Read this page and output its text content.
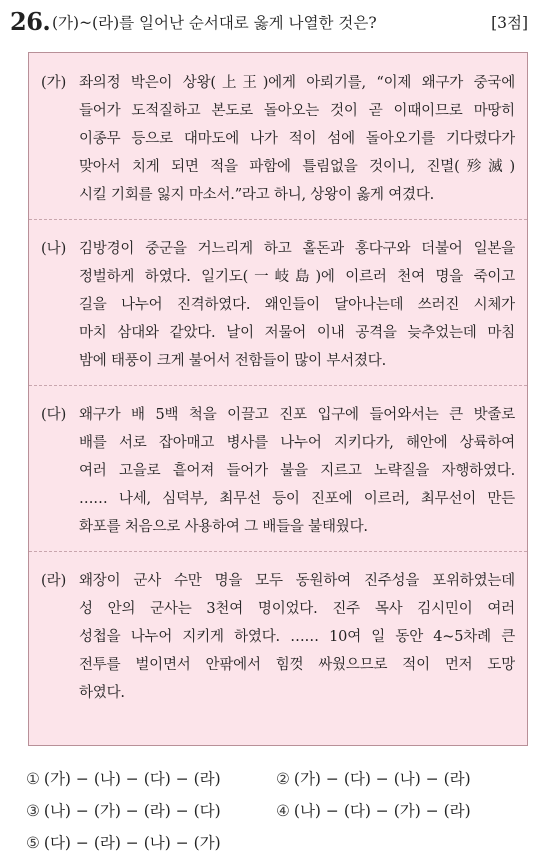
26. (가)~(라)를 일어난 순서대로 옳게 나열한 것은?	[3점]
(가) 좌의정 박은이 상왕(上王)에게 아뢰기를, “이제 왜구가 중국에
들어가 도적질하고 본도로 돌아오는 것이 곧 이때이므로 마땅히
이종무 등으로 대마도에 나가 적이 섬에 돌아오기를 기다렸다가
맞아서 치게 되면 적을 파함에 틀림없을 것이니, 진멸(殄滅)
시킬 기회를 잃지 마소서.”라고 하니, 상왕이 옳게 여겼다.
(나) 김방경이 중군을 거느리게 하고 홀돈과 홍다구와 더불어 일본을
정벌하게 하였다. 일기도(一岐島)에 이르러 천여 명을 죽이고
길을 나누어 진격하였다. 왜인들이 달아나는데 쓰러진 시체가
마치 삼대와 같았다. 날이 저물어 이내 공격을 늦추었는데 마침
밤에 태풍이 크게 불어서 전함들이 많이 부서졌다.
(다) 왜구가 배 5백 척을 이끌고 진포 입구에 들어와서는 큰 밧줄로
배를 서로 잡아매고 병사를 나누어 지키다가, 해안에 상륙하여
여러 고을로 흩어져 들어가 불을 지르고 노략질을 자행하였다.
…… 나세, 심덕부, 최무선 등이 진포에 이르러, 최무선이 만든
화포를 처음으로 사용하여 그 배들을 불태웠다.
(라) 왜장이 군사 수만 명을 모두 동원하여 진주성을 포위하였는데
성 안의 군사는 3천여 명이었다. 진주 목사 김시민이 여러
성첩을 나누어 지키게 하였다. …… 10여 일 동안 4~5차례 큰
전투를 벌이면서 안팎에서 힘껏 싸웠으므로 적이 먼저 도망
하였다.
① (가) − (나) − (다) − (라)	② (가) − (다) − (나) − (라)
③ (나) − (가) − (라) − (다)	④ (나) − (다) − (가) − (라)
⑤ (다) − (라) − (나) − (가)
